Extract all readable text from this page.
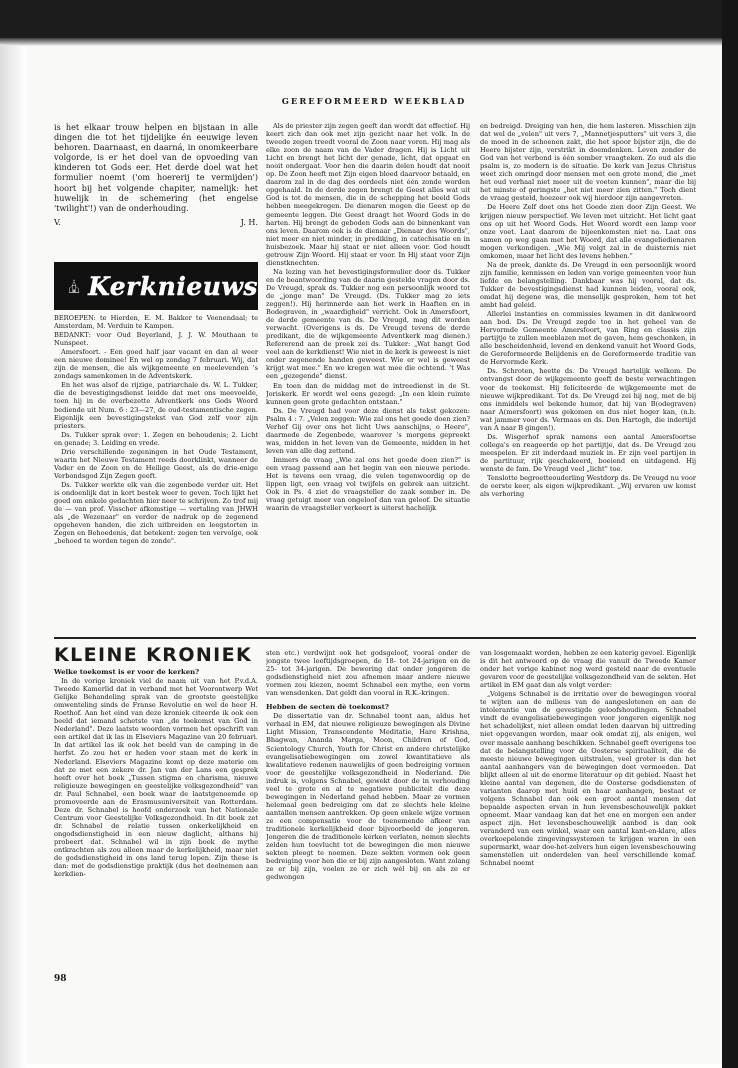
GEREFORMEERD WEEKBLAD

is het elkaar trouw helpen en bijstaan in alle dingen die tot het tijdelijke én eeuwige leven behoren. Daarnaast, en daarná, in onomkeerbare volgorde, is er het doel van de opvoeding van kinderen tot Gods eer. Het derde doel wat het formulier noemt ('om hoererij te vermijden') hoort bij het volgende chapiter, namelijk: het huwelijk in de schemering (het engelse 'twilight'!) van de onderhouding.

V.	J. H.
Kerknieuws

BEROEPEN: te Hierden, E. M. Bakker te Veenendaal; te Amsterdam, M. Verduin te Kampen.

BEDANKT: voor Oud Beyerland, J. J. W. Mouthaan te Nunspeet.

Amersfoort. - Een goed half jaar vacant en dan al weer een nieuwe dominee! En wel op zondag 7 februari. Wij, dat zijn de mensen, die als wijkgemeente en meelevenden 's zondags samenkomen in de Adventskerk.

En het was alsof de rijzige, patriarchale ds. W. L. Tukker, die de bevestigingsdienst leidde dat met ons meevoelde, toen hij in de overbezette Adventkerk ons Gods Woord bediende uit Num. 6 : 23—27, de oud-testamentische zegen. Eigenlijk een bevestigingstekst van God zelf voor zijn priesters.

Ds. Tukker sprak over: 1. Zegen en behoudenis; 2. Licht en genade; 3. Leiding en vrede.

Drie verschillende zegeningen in het Oude Testament, waarin het Nieuwe Testament reeds doorklinkt, wanneer de Vader en de Zoon en de Heilige Geest, als de drie-enige Verbondsgod Zijn Zegen geeft.

Ds. Tukker werkte elk van die zegenbede verder uit. Het is ondoenlijk dat in kort bestek weer te geven. Toch lijkt het goed om enkele gedachten hier neer te schrijven. Zo trof mij de — van prof. Visscher afkomstige — vertaling van JHWH als „de Wezenaar" en verder de nadruk op de zegenend opgeheven handen, die zich uitbreiden en leegstorten in Zegen en Behoedenis, dat betekent: zegen ten vervolge, ook „behoed te worden tegen de zonde".

Als de priester zijn zegen geeft dan wordt dat effectief. Hij keert zich dan ook met zijn gezicht naar het volk. In de tweede zegen treedt vooral de Zoon naar voren. Hij mag als elke zoon de naam van de Vader dragen. Hij is Licht uit Licht en brengt het licht der genade, licht, dat opgaat en nooit ondergaat. Voor hen die daarin delen houdt dat nooit op. De Zoon heeft met Zijn eigen bloed daarvoor betaald, en daarom zal in de dag des oordeels niet één zonde worden opgehaald. In de derde zegen brengt de Geest alles wat uit God is tot de mensen, die in de schepping het beeld Gods hebben meegekregen. De dienaren mogen die Geest op de gemeente leggen. Die Geest draagt het Woord Gods in de harten. Hij brengt de geboden Gods aan de binnenkant van ons leven. Daarom ook is de dienaar „Dienaar des Woords", niet meer en niet minder, in prediking, in catechisatie en in huisbezoek. Maar hij staat er niet alleen voor. God houdt getrouw Zijn Woord. Hij staat er voor. In Hij staat voor Zijn dienstknechten.

Na lezing van het bevestigingsformulier door ds. Tukker en de beantwoording van de daarin gestelde vragen door ds. De Vreugd, sprak ds. Tukker nog een persoonlijk woord tot de „jonge man" De Vreugd. (Ds. Tukker mag zo iets zeggen!). Hij herinnerde aan het werk in Haaften en in Bodegraven, in „waardigheid" verricht. Ook in Amersfoort, de derde gemeente van ds. De Vreugd, mag dit worden verwacht. (Overigens is ds. De Vreugd tevens de derde predikant, die de wijkgemeente Adventkerk mag dienen.) Refererend aan de preek zei ds. Tukker: „Wat hangt God veel aan de kerkdienst! Wie niet in de kerk is geweest is niet onder zegenende handen geweest. Wie er wel is geweest krijgt wat mee." En we kregen wat mee die ochtend. 't Was een „gezegende" dienst.

En toen dan de middag met de intreedienst in de St. Joriskerk. Er wordt wel eens gezegd: „In een klein ruimte kunnen geen grote gedachten ontstaan."

Ds. De Vreugd had voor deze dienst als tekst gekozen: Psalm 4 : 7. „Velen zeggen: Wie zal ons het goede doen zien? Verhef Gij over ons het licht Uws aanschijns, o Heere", daarmede de Zegenbede, waarover 's morgens gepreekt was, midden in het leven van de Gemeente, midden in het leven van alle dag zettend.

Immers de vraag „Wie zal ons het goede doen zien?" is een vraag passend aan het begin van een nieuwe periode. Het is tevens een vraag, die velen tegenwoordig op de lippen ligt, een vraag vol twijfels en gebrek aan uitzicht. Ook in Ps. 4 ziet de vraagsteller de zaak somber in. De vraag getuigt meer van ongeloof dan van geloof. De situatie waarin de vraagsteller verkeert is uiterst hachelijk

en bedreigd. Dreiging van hen, die hem lasteren. Misschien zijn dat wel de „velen" uit vers 7, „Mannetjesputters" uit vers 3, die de moed in de schoenen zakt, die het spoor bijster zijn, die de Heere bijster zijn, verstrikt in doemdenken. Leven zonder de God van het verbond is één somber vraagteken. Zo oud als die psalm is, zo modern is de situatie. De kerk van Jezus Christus weet zich omringd door mensen met een grote mond, die „met het oud verhaal niet meer uit de voeten kunnen", maar die bij het minste of geringste „het niet meer zien zitten." Toch dient de vraag gesteld, hoezeer ook wij hierdoor zijn aangevreten.

De Heere Zelf doet ons het Goede zien door Zijn Geest. We krijgen nieuw perspectief. We leven met uitzicht. Het licht gaat ons op uit het Woord Gods. Het Woord wordt een lamp voor onze voet. Laat daarom de bijeenkomsten niet na. Laat ons samen op weg gaan met het Woord, dat alle evangeliedienaren mogen verkondigen. „Wie Mij volgt zal in de duisternis niet omkomen, maar het licht des levens hebben."

Na de preek, dankte ds. De Vreugd in een persoonlijk woord zijn familie, kennissen en leden van vorige gemeenten voor hun liefde en belangstelling. Dankbaar was hij vooral, dat ds. Tukker de bevestigingsdienst had kunnen leiden, vooral ook, omdat hij degene was, die menselijk gesproken, hem tot het ambt had geleid.

Allerlei instanties en commissies kwamen in dit dankwoord aan bod. Ds. De Vreugd zegde toe in het geheel van de Hervormde Gemeente Amersfoort, van Ring en classis zijn partijtje te zullen meeblazen met de gaven, hem geschonken, in alle bescheidenheid, levend en denkend vanuit het Woord Gods, de Gereformeerde Belijdenis en de Gereformeerde traditie van de Hervormde Kerk.

Ds. Schroten, heette ds. De Vreugd hartelijk welkom. De ontvangst door de wijkgemeente geeft de beste verwachtingen voor de toekomst. Hij feliciteerde de wijkgemeente met de nieuwe wijkpredikant. Tot ds. De Vreugd zei hij nog, met de bij ons inmiddels wel bekende humor, dat hij van B(odegraven) naar A(mersfoort) was gekomen en dus niet hoger kan, (n.b. wat jammer voor ds. Vermaas en ds. Den Hartogh, die indertijd van A naar B gingen!).

Ds. Wisgerhof sprak namens een aantal Amersfoortse collega's en reageerde op het partijtje, dat ds. De Vreugd zou meespelen. Er zit inderdaad muziek in. Er zijn veel partijen in de partituur, rijk geschakeerd, boeiend en uitdagend. Hij wenste de fam. De Vreugd veel „licht" toe.

Tenslotte begroetteouderling Westdorp ds. De Vreugd nu voor de eerste keer, als eigen wijkpredikant. „Wij ervaren uw komst als verhoring

KLEINE KRONIEK

Welke toekomst is er voor de kerken?

In de vorige kroniek viel de naam uit van het P.v.d.A. Tweede Kamerlid dat in verband met het Voorontwerp Wet Gelijke Behandeling sprak van de grootste geestelijke omwenteling sinds de Franse Revolutie en wel de heer H. Roethof. Aan het eind van deze kroniek citeerde ik ook een beeld dat iemand schetste van „de toekomst van God in Nederland". Deze laatste woorden vormen het opschrift van een artikel dat ik las in Elseviers Magazine van 20 februari. In dat artikel las ik ook het beeld van de camping in de herfst. Zo zou het er heden voor staan met de kerk in Nederland. Elseviers Magazine komt op deze materie om dat ze met een zekere dr. Jan van der Lans een gesprek heeft over het boek „Tussen stigma en charisma, nieuwe religieuze bewegingen en geestelijke volksgezondheid" van dr. Paul Schnabel, een boek waar de laatstgenoemde op promoveerde aan de Erasmusuniversiteit van Rotterdam. Deze dr. Schnabel is hoofd onderzoek van het Nationale Centrum voor Geestelijke Volksgezondheid. In dit boek zet dr. Schnabel de relatie tussen onkerkelijkheid en ongodsdienstigheid in een nieuw daglicht, althans hij probeert dat. Schnabel wil in zijn boek de mythe ontkrachten als zou alleen maar de kerkelijkheid, maar niet de godsdienstigheid in ons land terug lopen. Zijn these is dan: met de godsdienstige praktijk (dus het deelnemen aan kerkdien-

sten etc.) verdwijnt ook het godsgeloof, vooral onder de jongste twee leeftijdsgroepen, de 18- tot 24-jarigen en de 25- tot 34-jarigen. De bewering dat onder jongeren de godsdienstigheid niet zou afnemen maar andere nieuwe vormen zou kiezen, noemt Schnabel een mythe, een vorm van wensdenken. Dat geldt dan vooral in R.K.-kringen.

Hebben de secten dè toekomst?

De dissertatie van dr. Schnabel toont aan, aldus het verhaal in EM, dat nieuwe religieuze bewegingen als Divine Light Mission, Transcendente Meditatie, Hare Krishna, Bhagwan, Ananda Marga, Moon, Children of God, Scientology Church, Youth for Christ en andere christelijke evangelisatiebewegingen om zowel kwantitatieve als kwalitatieve redenen nauwelijks of geen bedreiging vormen voor de geestelijke volksgezondheid in Nederland. Die indruk is, volgens Schnabel, gewekt door de in verhouding veel te grote en al te negatieve publiciteit die deze bewegingen in Nederland gehad hebben. Maar ze vormen helemaal geen bedreiging om dat ze slechts hele kleine aantallen mensen aantrekken. Op geen enkele wijze vormen ze een compensatie voor de toenemende afkeer van traditionele kerkelijkheid door bijvoorbeeld de jongeren. Jongeren die de traditionele kerken verlaten, nemen slechts zelden hun toevlucht tot de bewegingen die men nieuwe sekten pleegt te noemen. Deze sekten vormen ook geen bedreiging voor hen die er bij zijn aangesloten. Want zolang ze er bij zijn, voelen ze er zich wèl bij en als ze er gedwongen

van losgemaakt worden, hebben ze een katerig gevoel. Eigenlijk is dit het antwoord op de vraag die vanuit de Tweede Kamer onder het vorige kabinet nog werd gesteld naar de eventuele gevaren voor de geestelijke volksgezondheid van de sekten. Het artikel in EM gaat dan als volgt verder:

„Volgens Schnabel is de irritatie over de bewegingen vooral te wijten aan de milieus van de aangeslotenen en aan de intolerantie van de gevestigde geloofshoudingen. Schnabel vindt de evangelisatiebewegingen voor jongeren eigenlijk nog het schadelijkst, niet alleen omdat leden daarvan bij uittreding niet opgevangen worden, maar ook omdat zij, als enigen, wel over massale aanhang beschikken. Schnabel geeft overigens toe dat de belangstelling voor de Oosterse spiritualiteit, die de meeste nieuwe bewegingen uitstralen, veel groter is dan het aantal aanhangers van de bewegingen doet vermoeden. Dat blijkt alleen al uit de enorme literatuur op dit gebied. Naast het kleine aantal van degenen, die de Oosterse godsdiensten of varianten daarop met huid en haar aanhangen, bestaat er volgens Schnabel dan ook een groot aantal mensen dat bepaalde aspecten ervan in hun levensbeschouwelijk pakket opneemt. Maar vandaag kan dat het ene en morgen een ander aspect zijn. Het levensbeschouwelijk aanbod is dan ook veranderd van een winkel, waar een aantal kant-en-klare, alles overkoepelende zingevingssystemen te krijgen waren in een supermarkt, waar doe-het-zelvers hun eigen levensbeschouwing samenstellen uit onderdelen van heel verschillende komaf. Schnabel noemt

98
